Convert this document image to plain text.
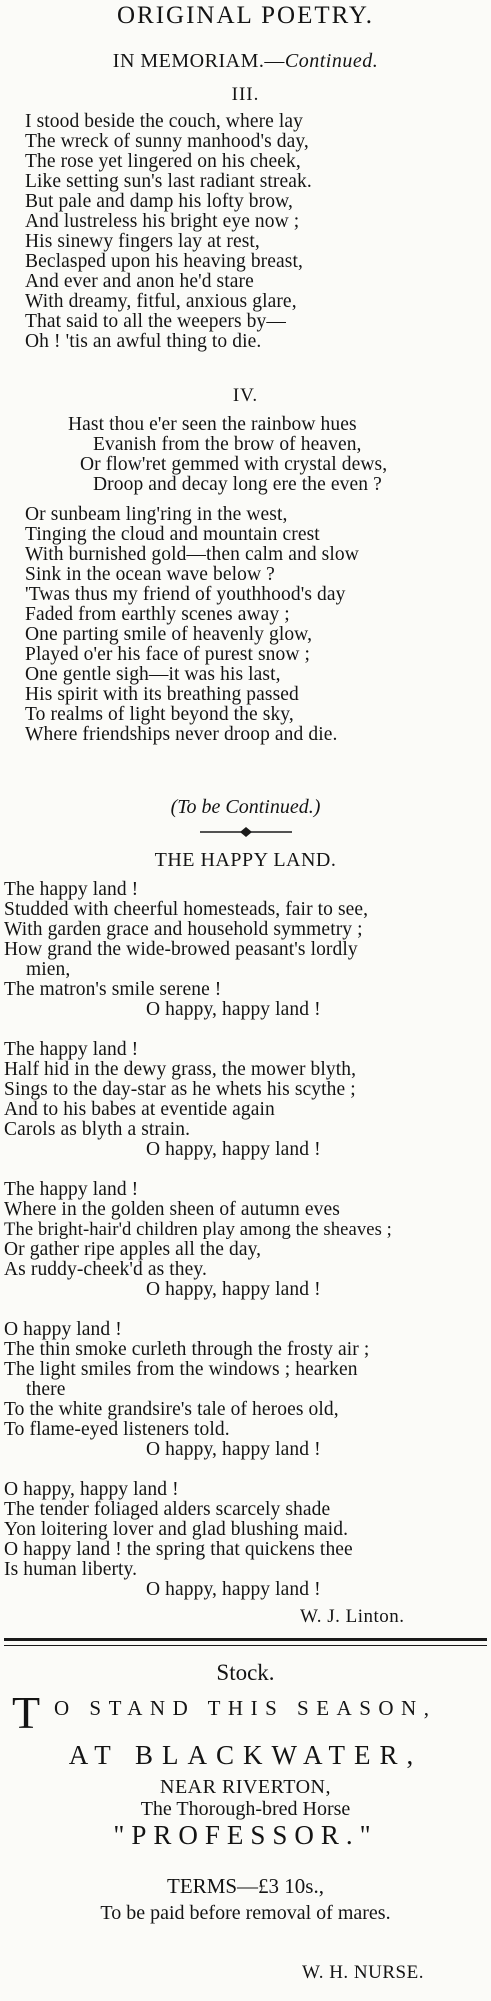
ORIGINAL POETRY.
IN MEMORIAM.—Continued.
III.
I stood beside the couch, where lay
The wreck of sunny manhood's day,
The rose yet lingered on his cheek,
Like setting sun's last radiant streak.
But pale and damp his lofty brow,
And lustreless his bright eye now ;
His sinewy fingers lay at rest,
Beclasped upon his heaving breast,
And ever and anon he'd stare
With dreamy, fitful, anxious glare,
That said to all the weepers by—
Oh ! 'tis an awful thing to die.
IV.
Hast thou e'er seen the rainbow hues
Evanish from the brow of heaven,
Or flow'ret gemmed with crystal dews,
Droop and decay long ere the even ?
Or sunbeam ling'ring in the west,
Tinging the cloud and mountain crest
With burnished gold—then calm and slow
Sink in the ocean wave below ?
'Twas thus my friend of youthhood's day
Faded from earthly scenes away ;
One parting smile of heavenly glow,
Played o'er his face of purest snow ;
One gentle sigh—it was his last,
His spirit with its breathing passed
To realms of light beyond the sky,
Where friendships never droop and die.
(To be Continued.)
THE HAPPY LAND.
The happy land !
Studded with cheerful homesteads, fair to see,
With garden grace and household symmetry ;
How grand the wide-browed peasant's lordly
mien,
The matron's smile serene !
O happy, happy land !
The happy land !
Half hid in the dewy grass, the mower blyth,
Sings to the day-star as he whets his scythe ;
And to his babes at eventide again
Carols as blyth a strain.
O happy, happy land !
The happy land !
Where in the golden sheen of autumn eves
The bright-hair'd children play among the sheaves ;
Or gather ripe apples all the day,
As ruddy-cheek'd as they.
O happy, happy land !
O happy land !
The thin smoke curleth through the frosty air ;
The light smiles from the windows ; hearken
there
To the white grandsire's tale of heroes old,
To flame-eyed listeners told.
O happy, happy land !
O happy, happy land !
The tender foliaged alders scarcely shade
Yon loitering lover and glad blushing maid.
O happy land ! the spring that quickens thee
Is human liberty.
O happy, happy land !
W. J. Linton.
Stock.
T O STAND THIS SEASON,
AT BLACKWATER,
NEAR RIVERTON,
The Thorough-bred Horse
"PROFESSOR."
TERMS—£3 10s.,
To be paid before removal of mares.
W. H. NURSE.
